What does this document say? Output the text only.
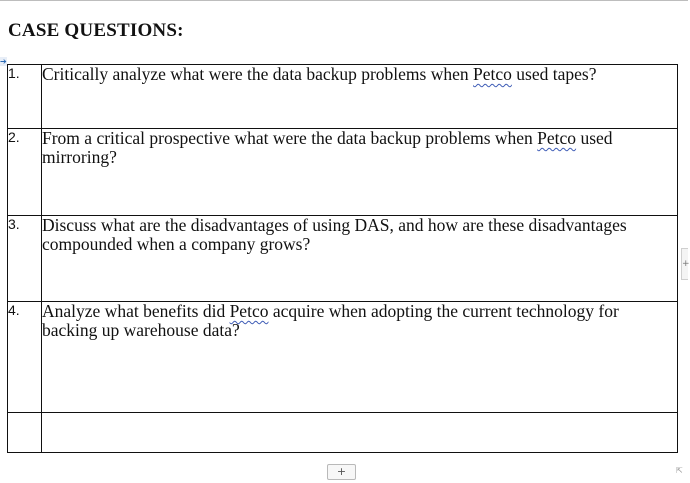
CASE QUESTIONS:
➔
1.	Critically analyze what were the data backup problems when Petco used tapes?
2.	From a critical prospective what were the data backup problems when Petco used mirroring?
3.	Discuss what are the disadvantages of using DAS, and how are these disadvantages compounded when a company grows?
4.	Analyze what benefits did Petco acquire when adopting the current technology for backing up warehouse data?

+
+	⇱
